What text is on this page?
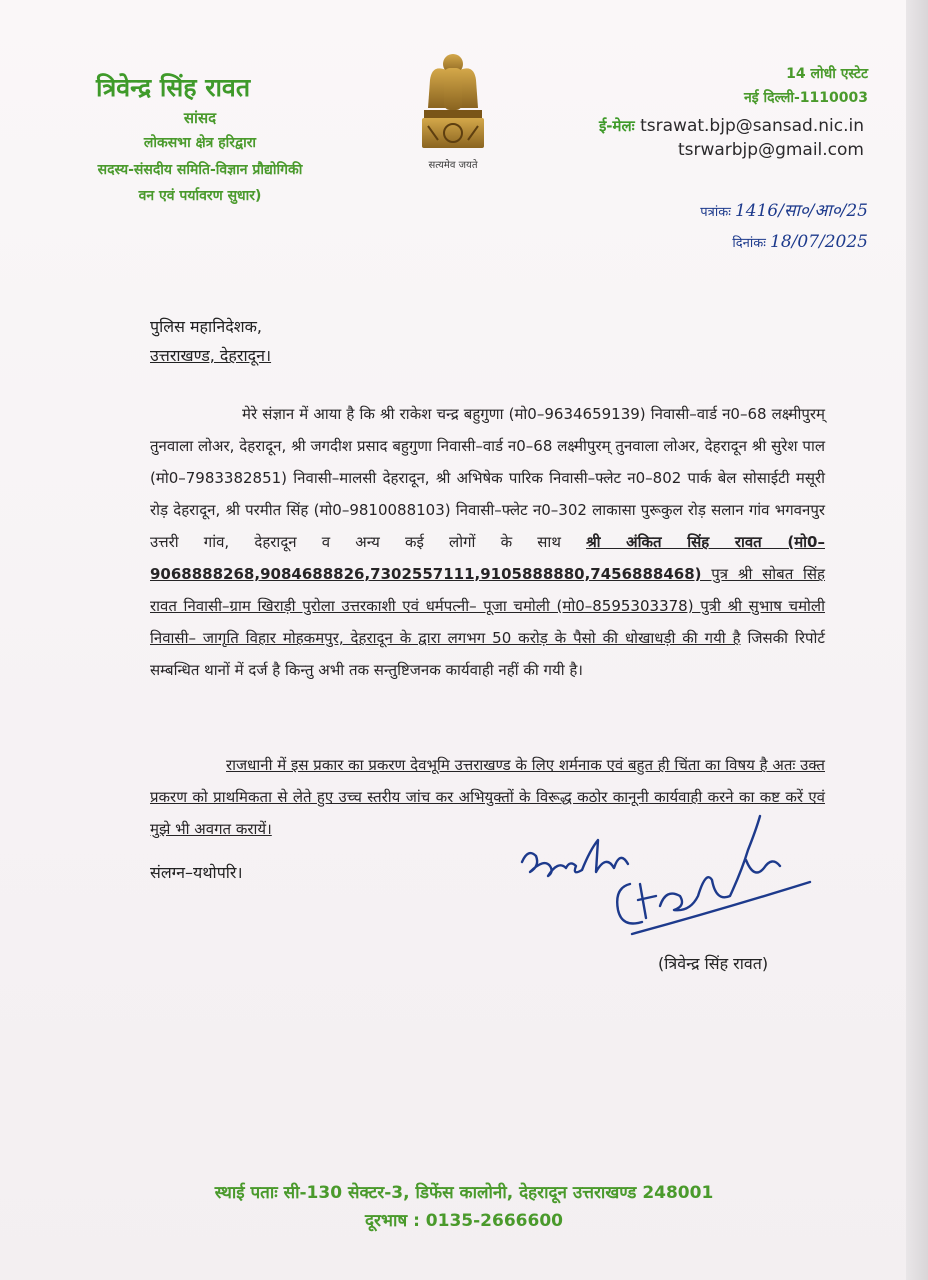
त्रिवेन्द्र सिंह रावत
सांसद
लोकसभा क्षेत्र हरिद्वारा
सदस्य-संसदीय समिति-विज्ञान प्रौद्योगिकी
वन एवं पर्यावरण सुधार)
सत्यमेव जयते
14 लोधी एस्टेट
नई दिल्ली-1110003
ई-मेलः tsrawat.bjp@sansad.nic.in
tsrwarbjp@gmail.com
पत्रांकः 1416/सा०/आ०/25
दिनांकः 18/07/2025
पुलिस महानिदेशक,
उत्तराखण्ड, देहरादून।
मेरे संज्ञान में आया है कि श्री राकेश चन्द्र बहुगुणा (मो0–9634659139) निवासी–वार्ड न0–68 लक्ष्मीपुरम् तुनवाला लोअर, देहरादून, श्री जगदीश प्रसाद बहुगुणा निवासी–वार्ड न0–68 लक्ष्मीपुरम् तुनवाला लोअर, देहरादून श्री सुरेश पाल (मो0–7983382851) निवासी–मालसी देहरादून, श्री अभिषेक पारिक निवासी–फ्लेट न0–802 पार्क बेल सोसाईटी मसूरी रोड़ देहरादून, श्री परमीत सिंह (मो0–9810088103) निवासी–फ्लेट न0–302 लाकासा पुरूकुल रोड़ सलान गांव भगवनपुर उत्तरी गांव, देहरादून व अन्य कई लोगों के साथ श्री अंकित सिंह रावत (मो0–9068888268,9084688826,7302557111,9105888880,7456888468) पुत्र श्री सोबत सिंह रावत निवासी–ग्राम खिराड़ी पुरोला उत्तरकाशी एवं धर्मपत्नी– पूजा चमोली (मो0–8595303378) पुत्री श्री सुभाष चमोली निवासी– जागृति विहार मोहकमपुर, देहरादून के द्वारा लगभग 50 करोड़ के पैसो की धोखाधड़ी की गयी है जिसकी रिपोर्ट सम्बन्धित थानों में दर्ज है किन्तु अभी तक सन्तुष्टिजनक कार्यवाही नहीं की गयी है।
राजधानी में इस प्रकार का प्रकरण देवभूमि उत्तराखण्ड के लिए शर्मनाक एवं बहुत ही चिंता का विषय है अतः उक्त प्रकरण को प्राथमिकता से लेते हुए उच्च स्तरीय जांच कर अभियुक्तों के विरूद्ध कठोर कानूनी कार्यवाही करने का कष्ट करें एवं मुझे भी अवगत करायें।
संलग्न–यथोपरि।
(त्रिवेन्द्र सिंह रावत)
स्थाई पताः सी-130 सेक्टर-3, डिफेंस कालोनी, देहरादून उत्तराखण्ड 248001
दूरभाष : 0135-2666600
